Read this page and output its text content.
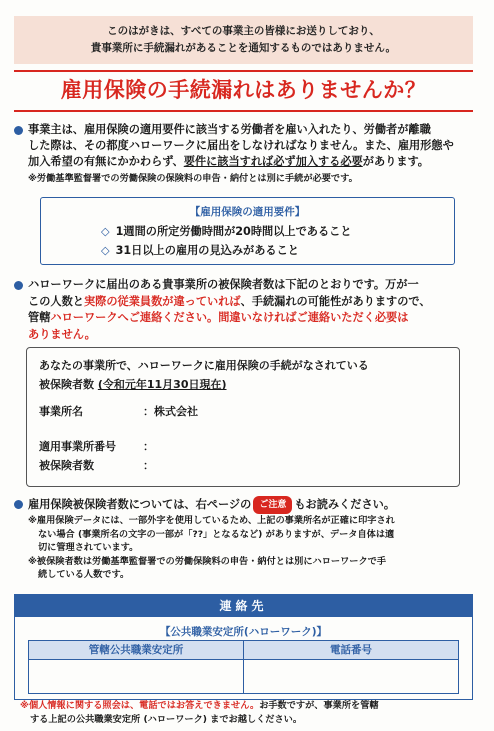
このはがきは、すべての事業主の皆様にお送りしており、
貴事業所に手続漏れがあることを通知するものではありません。
雇用保険の手続漏れはありませんか？
事業主は、雇用保険の適用要件に該当する労働者を雇い入れたり、労働者が離職
した際は、その都度ハローワークに届出をしなければなりません。また、雇用形態や
加入希望の有無にかかわらず、要件に該当すれば必ず加入する必要があります。
※労働基準監督署での労働保険の保険料の申告・納付とは別に手続が必要です。
【雇用保険の適用要件】
◇ 1週間の所定労働時間が20時間以上であること
◇ 31日以上の雇用の見込みがあること
ハローワークに届出のある貴事業所の被保険者数は下記のとおりです。万が一
この人数と実際の従業員数が違っていれば、手続漏れの可能性がありますので、
管轄ハローワークへご連絡ください。間違いなければご連絡いただく必要は
ありません。
あなたの事業所で、ハローワークに雇用保険の手続がなされている
被保険者数 (令和元年11月30日現在)
事業所名	：株式会社
適用事業所番号 ：
被保険者数	：
雇用保険被保険者数については、右ページの ご注意 もお読みください。
※雇用保険データには、一部外字を使用しているため、上記の事業所名が正確に印字され
ない場合 (事業所名の文字の一部が「??」となるなど) がありますが、データ自体は適
切に管理されています。
※被保険者数は労働基準監督署での労働保険料の申告・納付とは別にハローワークで手
続している人数です。
連絡先
【公共職業安定所(ハローワーク)】
管轄公共職業安定所	電話番号
※個人情報に関する照会は、電話ではお答えできません。お手数ですが、事業所を管轄
する上記の公共職業安定所 (ハローワーク) までお越しください。
